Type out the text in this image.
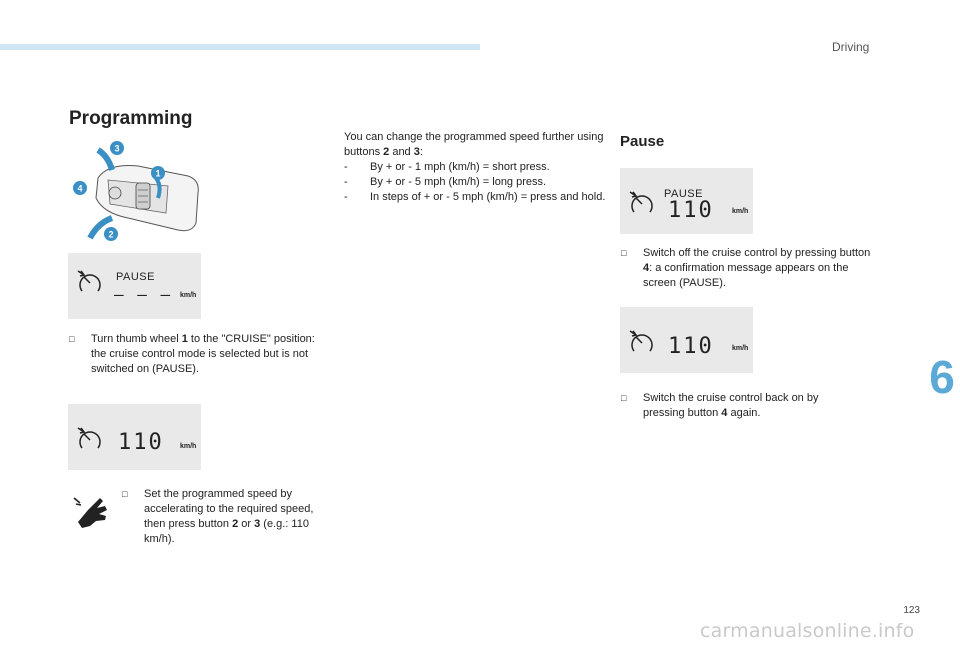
Driving
6
Programming
3
1
4
2
PAUSE
– – – km/h
□	Turn thumb wheel 1 to the "CRUISE" position: the cruise control mode is selected but is not switched on (PAUSE).
110 km/h
□	Set the programmed speed by accelerating to the required speed, then press button 2 or 3 (e.g.: 110 km/h).
You can change the programmed speed further using buttons 2 and 3:
- By + or - 1 mph (km/h) = short press.
- By + or - 5 mph (km/h) = long press.
- In steps of + or - 5 mph (km/h) = press and hold.
Pause
PAUSE
110	km/h
□	Switch off the cruise control by pressing button 4: a confirmation message appears on the screen (PAUSE).
110	km/h
□	Switch the cruise control back on by pressing button 4 again.
123
carmanualsonline.info
